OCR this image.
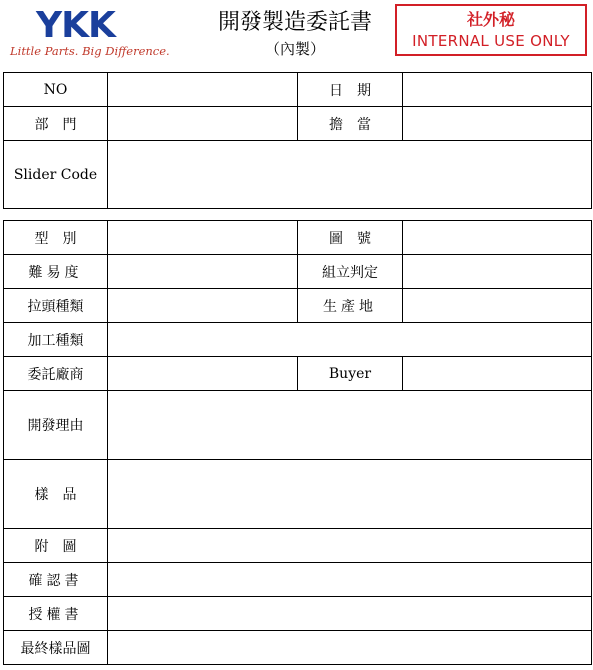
YKK
Little Parts. Big Difference.
開發製造委託書
（內製）
社外秘
INTERNAL USE ONLY
NO		日　期	
部　門		擔　當	
Slider Code			
型　別		圖　號	
難易度		組立判定	
拉頭種類		生產地	
加工種類			
委託廠商		Buyer	
開發理由			
樣　品			
附　圖			
確認書			
授權書			
最終樣品圖			
